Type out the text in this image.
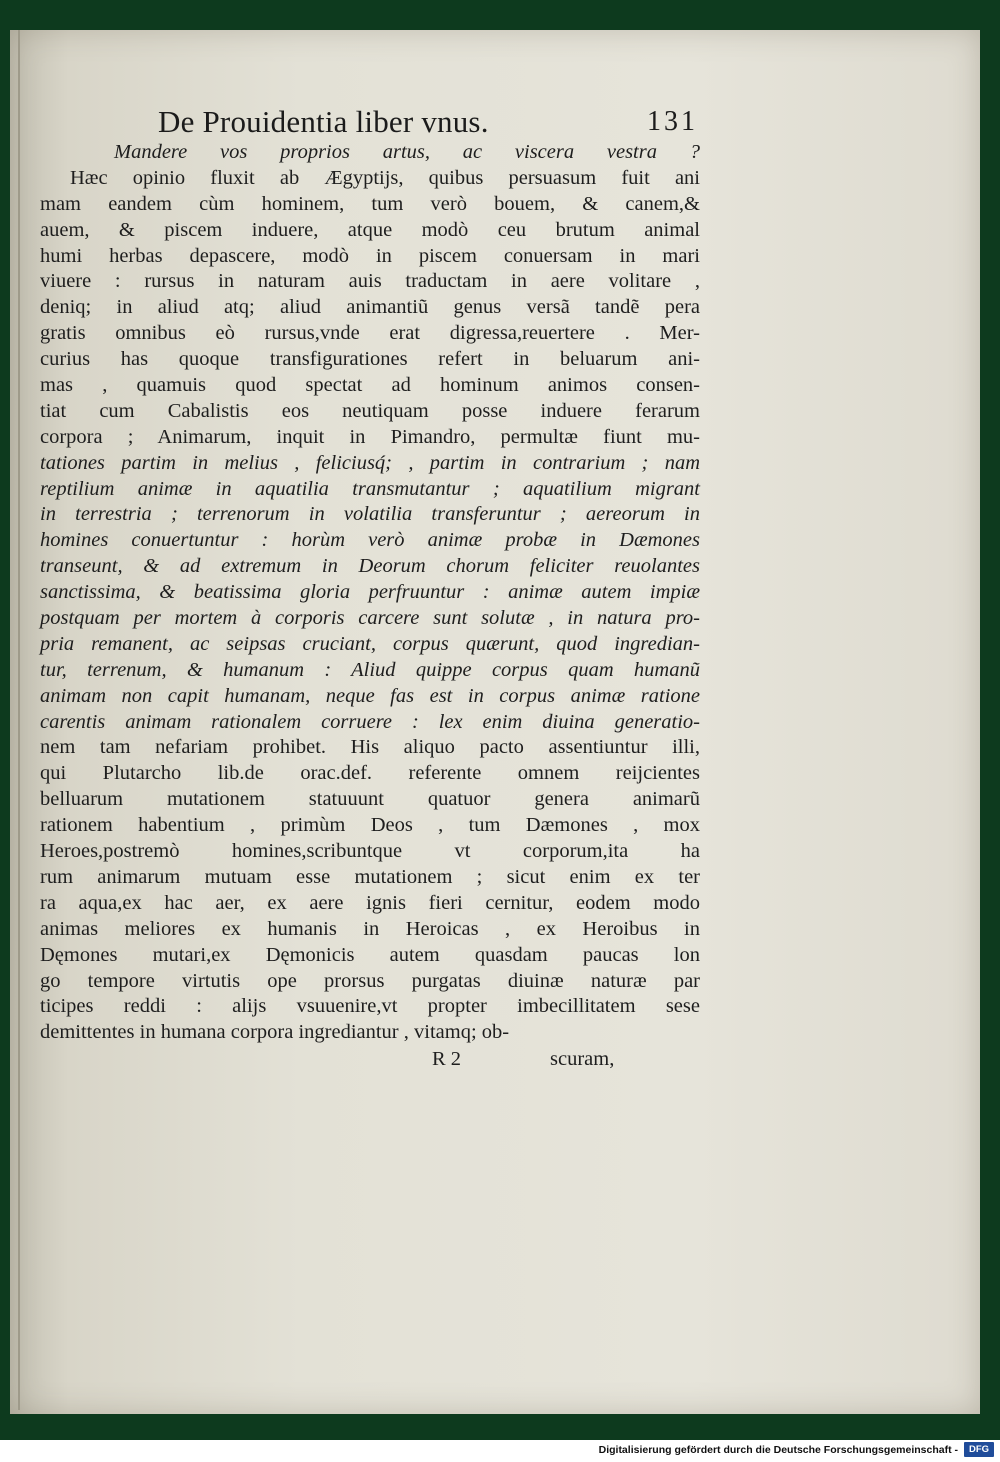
De Prouidentia liber vnus.	131
Mandere vos proprios artus, ac viscera vestra ?
Hæc opinio fluxit ab Ægyptijs, quibus persuasum fuit ani
mam eandem cùm hominem, tum verò bouem, & canem,&
auem, & piscem induere, atque modò ceu brutum animal
humi herbas depascere, modò in piscem conuersam in mari
viuere : rursus in naturam auis traductam in aere volitare ,
deniq; in aliud atq; aliud animantiũ genus versã tandẽ pera
gratis omnibus eò rursus,vnde erat digressa,reuertere . Mer-
curius has quoque transfigurationes refert in beluarum ani-
mas , quamuis quod spectat ad hominum animos consen-
tiat cum Cabalistis eos neutiquam posse induere ferarum
corpora ; Animarum, inquit in Pimandro, permultæ fiunt mu-
tationes partim in melius , feliciusq́; , partim in contrarium ; nam
reptilium animæ in aquatilia transmutantur ; aquatilium migrant
in terrestria ; terrenorum in volatilia transferuntur ; aereorum in
homines conuertuntur : horùm verò animæ probæ in Dæmones
transeunt, & ad extremum in Deorum chorum feliciter reuolantes
sanctissima, & beatissima gloria perfruuntur : animæ autem impiæ
postquam per mortem à corporis carcere sunt solutæ , in natura pro-
pria remanent, ac seipsas cruciant, corpus quærunt, quod ingredian-
tur, terrenum, & humanum : Aliud quippe corpus quam humanũ
animam non capit humanam, neque fas est in corpus animæ ratione
carentis animam rationalem corruere : lex enim diuina generatio-
nem tam nefariam prohibet. His aliquo pacto assentiuntur illi,
qui Plutarcho lib.de orac.def. referente omnem reijcientes
belluarum mutationem statuuunt quatuor genera animarũ
rationem habentium , primùm Deos , tum Dæmones , mox
Heroes,postremò homines,scribuntque vt corporum,ita ha
rum animarum mutuam esse mutationem ; sicut enim ex ter
ra aqua,ex hac aer, ex aere ignis fieri cernitur, eodem modo
animas meliores ex humanis in Heroicas , ex Heroibus in
Dęmones mutari,ex Dęmonicis autem quasdam paucas lon
go tempore virtutis ope prorsus purgatas diuinæ naturæ par
ticipes reddi : alijs vsuuenire,vt propter imbecillitatem sese
demittentes in humana corpora ingrediantur , vitamq; ob-
R 2	scuram,
Digitalisierung gefördert durch die Deutsche Forschungsgemeinschaft -	DFG
